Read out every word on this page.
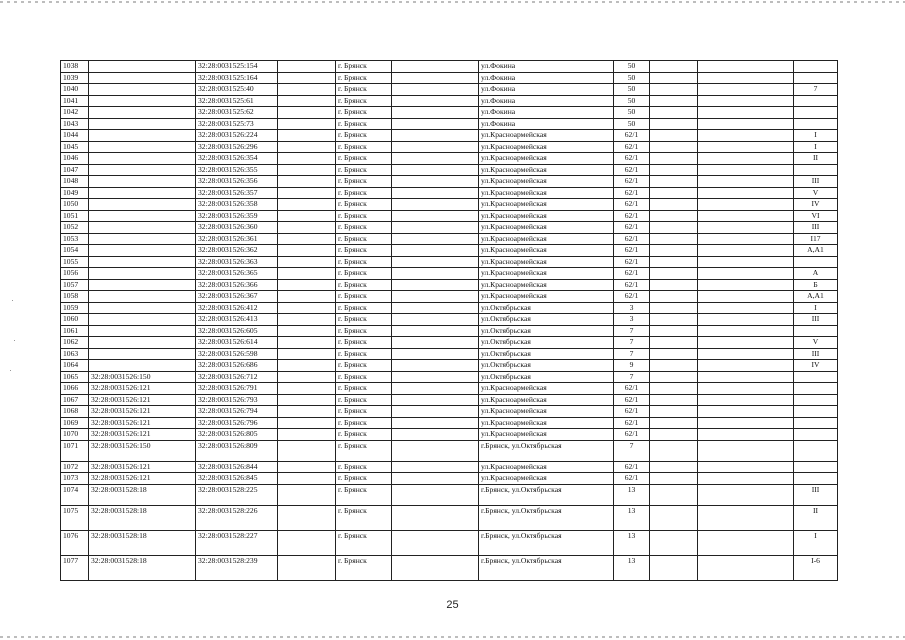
1038		32:28:0031525:154		г. Брянск		ул.Фокина	50			
1039		32:28:0031525:164		г. Брянск		ул.Фокина	50			
1040		32:28:0031525:40		г. Брянск		ул.Фокина	50			7
1041		32:28:0031525:61		г. Брянск		ул.Фокина	50			
1042		32:28:0031525:62		г. Брянск		ул.Фокина	50			
1043		32:28:0031525:73		г. Брянск		ул.Фокина	50			
1044		32:28:0031526:224		г. Брянск		ул.Красноармейская	62/1			I
1045		32:28:0031526:296		г. Брянск		ул.Красноармейская	62/1			I
1046		32:28:0031526:354		г. Брянск		ул.Красноармейская	62/1			II
1047		32:28:0031526:355		г. Брянск		ул.Красноармейская	62/1			
1048		32:28:0031526:356		г. Брянск		ул.Красноармейская	62/1			III
1049		32:28:0031526:357		г. Брянск		ул.Красноармейская	62/1			V
1050		32:28:0031526:358		г. Брянск		ул.Красноармейская	62/1			IV
1051		32:28:0031526:359		г. Брянск		ул.Красноармейская	62/1			VI
1052		32:28:0031526:360		г. Брянск		ул.Красноармейская	62/1			III
1053		32:28:0031526:361		г. Брянск		ул.Красноармейская	62/1			I17
1054		32:28:0031526:362		г. Брянск		ул.Красноармейская	62/1			А,А1
1055		32:28:0031526:363		г. Брянск		ул.Красноармейская	62/1			
1056		32:28:0031526:365		г. Брянск		ул.Красноармейская	62/1			А
1057		32:28:0031526:366		г. Брянск		ул.Красноармейская	62/1			Б
1058		32:28:0031526:367		г. Брянск		ул.Красноармейская	62/1			А,А1
1059		32:28:0031526:412		г. Брянск		ул.Октябрьская	3			I
1060		32:28:0031526:413		г. Брянск		ул.Октябрьская	3			III
1061		32:28:0031526:605		г. Брянск		ул.Октябрьская	7			
1062		32:28:0031526:614		г. Брянск		ул.Октябрьская	7			V
1063		32:28:0031526:598		г. Брянск		ул.Октябрьская	7			III
1064		32:28:0031526:686		г. Брянск		ул.Октябрьская	9			IV
1065	32:28:0031526:150	32:28:0031526:712		г. Брянск		ул.Октябрьская	7			
1066	32:28:0031526:121	32:28:0031526:791		г. Брянск		ул.Красноармейская	62/1			
1067	32:28:0031526:121	32:28:0031526:793		г. Брянск		ул.Красноармейская	62/1			
1068	32:28:0031526:121	32:28:0031526:794		г. Брянск		ул.Красноармейская	62/1			
1069	32:28:0031526:121	32:28:0031526:796		г. Брянск		ул.Красноармейская	62/1			
1070	32:28:0031526:121	32:28:0031526:805		г. Брянск		ул.Красноармейская	62/1			
1071	32:28:0031526:150	32:28:0031526:809		г. Брянск		г.Брянск, ул.Октябрьская	7			
1072	32:28:0031526:121	32:28:0031526:844		г. Брянск		ул.Красноармейская	62/1			
1073	32:28:0031526:121	32:28:0031526:845		г. Брянск		ул.Красноармейская	62/1			
1074	32:28:0031528:18	32:28:0031528:225		г. Брянск		г.Брянск, ул.Октябрьская	13			III
1075	32:28:0031528:18	32:28:0031528:226		г. Брянск		г.Брянск, ул.Октябрьская	13			II
1076	32:28:0031528:18	32:28:0031528:227		г. Брянск		г.Брянск, ул.Октябрьская	13			I
1077	32:28:0031528:18	32:28:0031528:239		г. Брянск		г.Брянск, ул.Октябрьская	13			I-6
25
